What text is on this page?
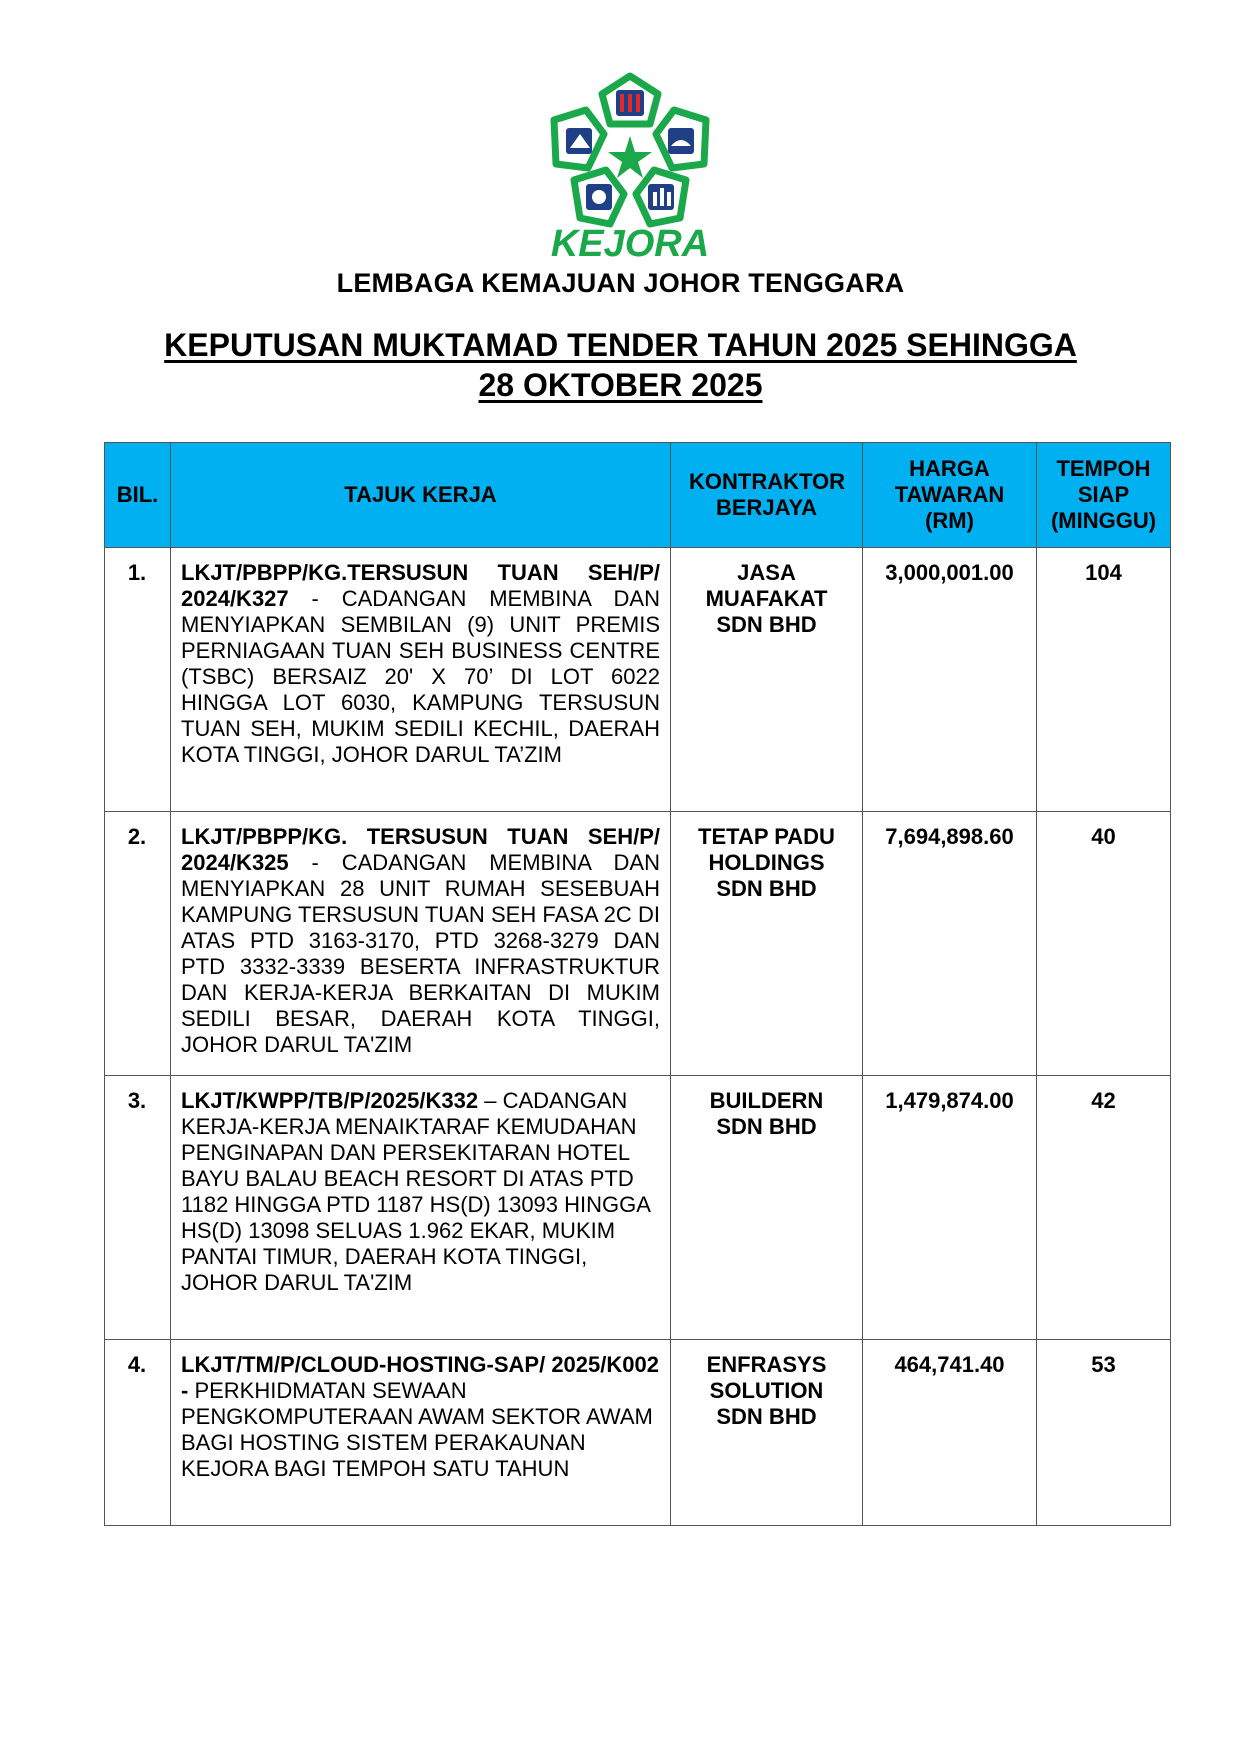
KEJORA
LEMBAGA KEMAJUAN JOHOR TENGGARA
KEPUTUSAN MUKTAMAD TENDER TAHUN 2025 SEHINGGA
28 OKTOBER 2025
BIL.	TAJUK KERJA	KONTRAKTOR BERJAYA	HARGA TAWARAN (RM)	TEMPOH SIAP (MINGGU)
1.	LKJT/PBPP/KG.TERSUSUN TUAN SEH/P/ 2024/K327 - CADANGAN MEMBINA DAN MENYIAPKAN SEMBILAN (9) UNIT PREMIS PERNIAGAAN TUAN SEH BUSINESS CENTRE (TSBC) BERSAIZ 20' X 70’ DI LOT 6022 HINGGA LOT 6030, KAMPUNG TERSUSUN TUAN SEH, MUKIM SEDILI KECHIL, DAERAH KOTA TINGGI, JOHOR DARUL TA’ZIM	JASA MUAFAKAT SDN BHD	3,000,001.00	104
2.	LKJT/PBPP/KG. TERSUSUN TUAN SEH/P/ 2024/K325 - CADANGAN MEMBINA DAN MENYIAPKAN 28 UNIT RUMAH SESEBUAH KAMPUNG TERSUSUN TUAN SEH FASA 2C DI ATAS PTD 3163-3170, PTD 3268-3279 DAN PTD 3332-3339 BESERTA INFRASTRUKTUR DAN KERJA-KERJA BERKAITAN DI MUKIM SEDILI BESAR, DAERAH KOTA TINGGI, JOHOR DARUL TA'ZIM	TETAP PADU HOLDINGS SDN BHD	7,694,898.60	40
3.	LKJT/KWPP/TB/P/2025/K332 – CADANGAN KERJA-KERJA MENAIKTARAF KEMUDAHAN PENGINAPAN DAN PERSEKITARAN HOTEL BAYU BALAU BEACH RESORT DI ATAS PTD 1182 HINGGA PTD 1187 HS(D) 13093 HINGGA HS(D) 13098 SELUAS 1.962 EKAR, MUKIM PANTAI TIMUR, DAERAH KOTA TINGGI, JOHOR DARUL TA'ZIM	BUILDERN SDN BHD	1,479,874.00	42
4.	LKJT/TM/P/CLOUD-HOSTING-SAP/ 2025/K002 - PERKHIDMATAN SEWAAN PENGKOMPUTERAAN AWAM SEKTOR AWAM BAGI HOSTING SISTEM PERAKAUNAN KEJORA BAGI TEMPOH SATU TAHUN	ENFRASYS SOLUTION SDN BHD	464,741.40	53
